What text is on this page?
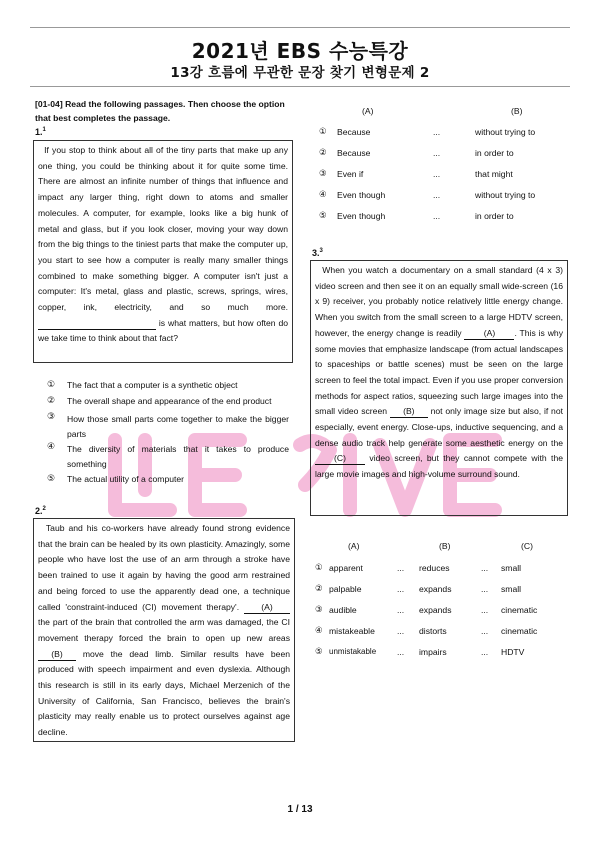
2021년 EBS 수능특강
13강 흐름에 무관한 문장 찾기 변형문제 2
[01-04] Read the following passages. Then choose the option that best completes the passage.
1.$^1$
If you stop to think about all of the tiny parts that make up any one thing, you could be thinking about it for quite some time. There are almost an infinite number of things that influence and impact any larger thing, right down to atoms and smaller molecules. A computer, for example, looks like a big hunk of metal and glass, but if you look closer, moving your way down from the big things to the tiniest parts that make the computer up, you start to see how a computer is really many smaller things combined to make something bigger. A computer isn't just a computer: It's metal, glass and plastic, screws, springs, wires, copper, ink, electricity, and so much more.   is what matters, but how often do we take time to think about that fact?
① The fact that a computer is a synthetic object
② The overall shape and appearance of the end product
③ How those small parts come together to make the bigger parts
④ The diversity of materials that it takes to produce something
⑤ The actual utility of a computer
2.$^2$
Taub and his co-workers have already found strong evidence that the brain can be healed by its own plasticity. Amazingly, some people who have lost the use of an arm through a stroke have been trained to use it again by having the good arm restrained and being forced to use the apparently dead one, a technique called 'constraint-induced (CI) movement therapy'.	(A) the part of the brain that controlled the arm was damaged, the CI movement therapy forced the brain to open up new areas (B) move the dead limb. Similar results have been produced with speech impairment and even dyslexia. Although this research is still in its early days, Michael Merzenich of the University of California, San Francisco, believes the brain's plasticity may really enable us to protect ourselves against age decline.
(A)	(B)
① Because	...	without trying to
② Because	...	in order to
③ Even if	...	that might
④ Even though	...	without trying to
⑤ Even though	...	in order to
3.$^3$
When you watch a documentary on a small standard (4 x 3) video screen and then see it on an equally small wide-screen (16 x 9) receiver, you probably notice relatively little energy change. When you switch from the small screen to a large HDTV screen, however, the energy change is readily	(A) . This is why some movies that emphasize landscape (from actual landscapes to spaceships or battle scenes) must be seen on the large screen to feel the total impact. Even if you use proper conversion methods for aspect ratios, squeezing such large images into the small video screen (B) not only image size but also, if not especially, event energy. Close-ups, inductive sequencing, and a dense audio track help generate some aesthetic energy on the (C)	video screen, but they cannot compete with the large movie images and high-volume surround sound.
(A)	(B)	(C)
① apparent	... reduces	... small
② palpable	... expands	... small
③ audible	... expands	... cinematic
④ mistakeable	... distorts	... cinematic
⑤ unmistakable ... impairs	... HDTV
1 / 13
